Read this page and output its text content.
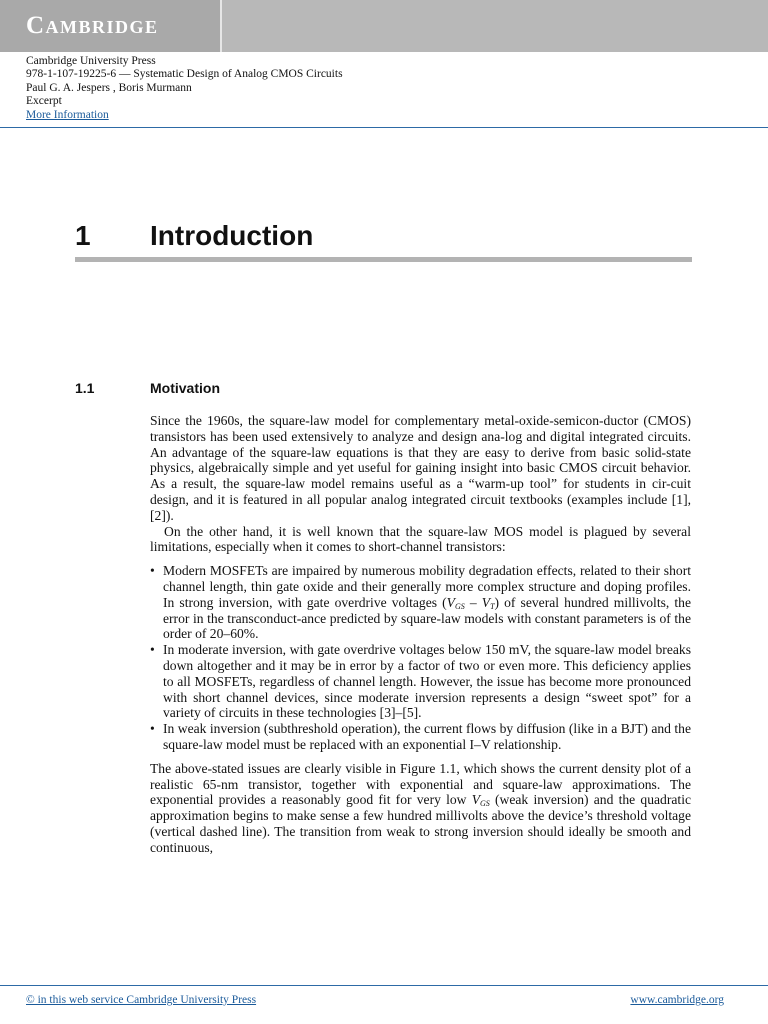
Cambridge
Cambridge University Press
978-1-107-19225-6 — Systematic Design of Analog CMOS Circuits
Paul G. A. Jespers , Boris Murmann
Excerpt
More Information
1 Introduction
1.1	Motivation

Since the 1960s, the square-law model for complementary metal-oxide-semicon-ductor (CMOS) transistors has been used extensively to analyze and design ana-log and digital integrated circuits. An advantage of the square-law equations is that they are easy to derive from basic solid-state physics, algebraically simple and yet useful for gaining insight into basic CMOS circuit behavior. As a result, the square-law model remains useful as a “warm-up tool” for students in cir-cuit design, and it is featured in all popular analog integrated circuit textbooks (examples include [1], [2]).

On the other hand, it is well known that the square-law MOS model is plagued by several limitations, especially when it comes to short-channel transistors:

• Modern MOSFETs are impaired by numerous mobility degradation effects, related to their short channel length, thin gate oxide and their generally more complex structure and doping profiles. In strong inversion, with gate overdrive voltages $(V_{GS} - V_T)$ of several hundred millivolts, the error in the transconduct-ance predicted by square-law models with constant parameters is of the order of 20–60%.
• In moderate inversion, with gate overdrive voltages below 150 mV, the square-law model breaks down altogether and it may be in error by a factor of two or even more. This deficiency applies to all MOSFETs, regardless of channel length. However, the issue has become more pronounced with short channel devices, since moderate inversion represents a design “sweet spot” for a variety of circuits in these technologies [3]–[5].
• In weak inversion (subthreshold operation), the current flows by diffusion (like in a BJT) and the square-law model must be replaced with an exponential I–V relationship.

The above-stated issues are clearly visible in Figure 1.1, which shows the current density plot of a realistic 65-nm transistor, together with exponential and square-law approximations. The exponential provides a reasonably good fit for very low $V_{GS}$ (weak inversion) and the quadratic approximation begins to make sense a few hundred millivolts above the device’s threshold voltage (vertical dashed line). The transition from weak to strong inversion should ideally be smooth and continuous,

© in this web service Cambridge University Press	www.cambridge.org
